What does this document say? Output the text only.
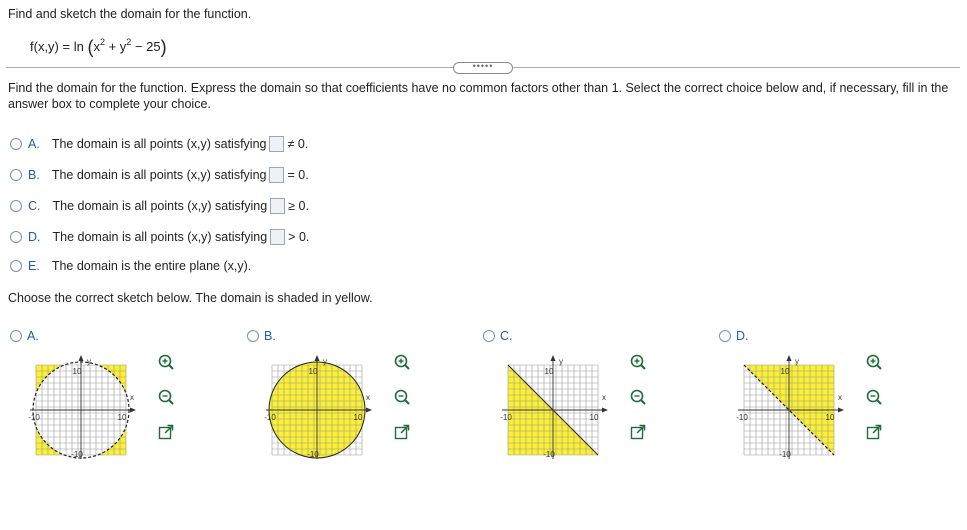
Find and sketch the domain for the function.
$f(x,y) = \ln (x^2 + y^2 - 25)$
•••••
Find the domain for the function. Express the domain so that coefficients have no common factors other than 1. Select the correct choice below and, if necessary, fill in the answer box to complete your choice.
A. The domain is all points (x,y) satisfying ≠ 0.
B. The domain is all points (x,y) satisfying = 0.
C. The domain is all points (x,y) satisfying ≥ 0.
D. The domain is all points (x,y) satisfying > 0.
E. The domain is the entire plane (x,y).
Choose the correct sketch below. The domain is shaded in yellow.
A.	B.	C.	D.
y
x
10
-10
10
-10
y
x
10
-10
10
-10
y
x
10
-10
10
-10
y
x
10
-10
10
-10
